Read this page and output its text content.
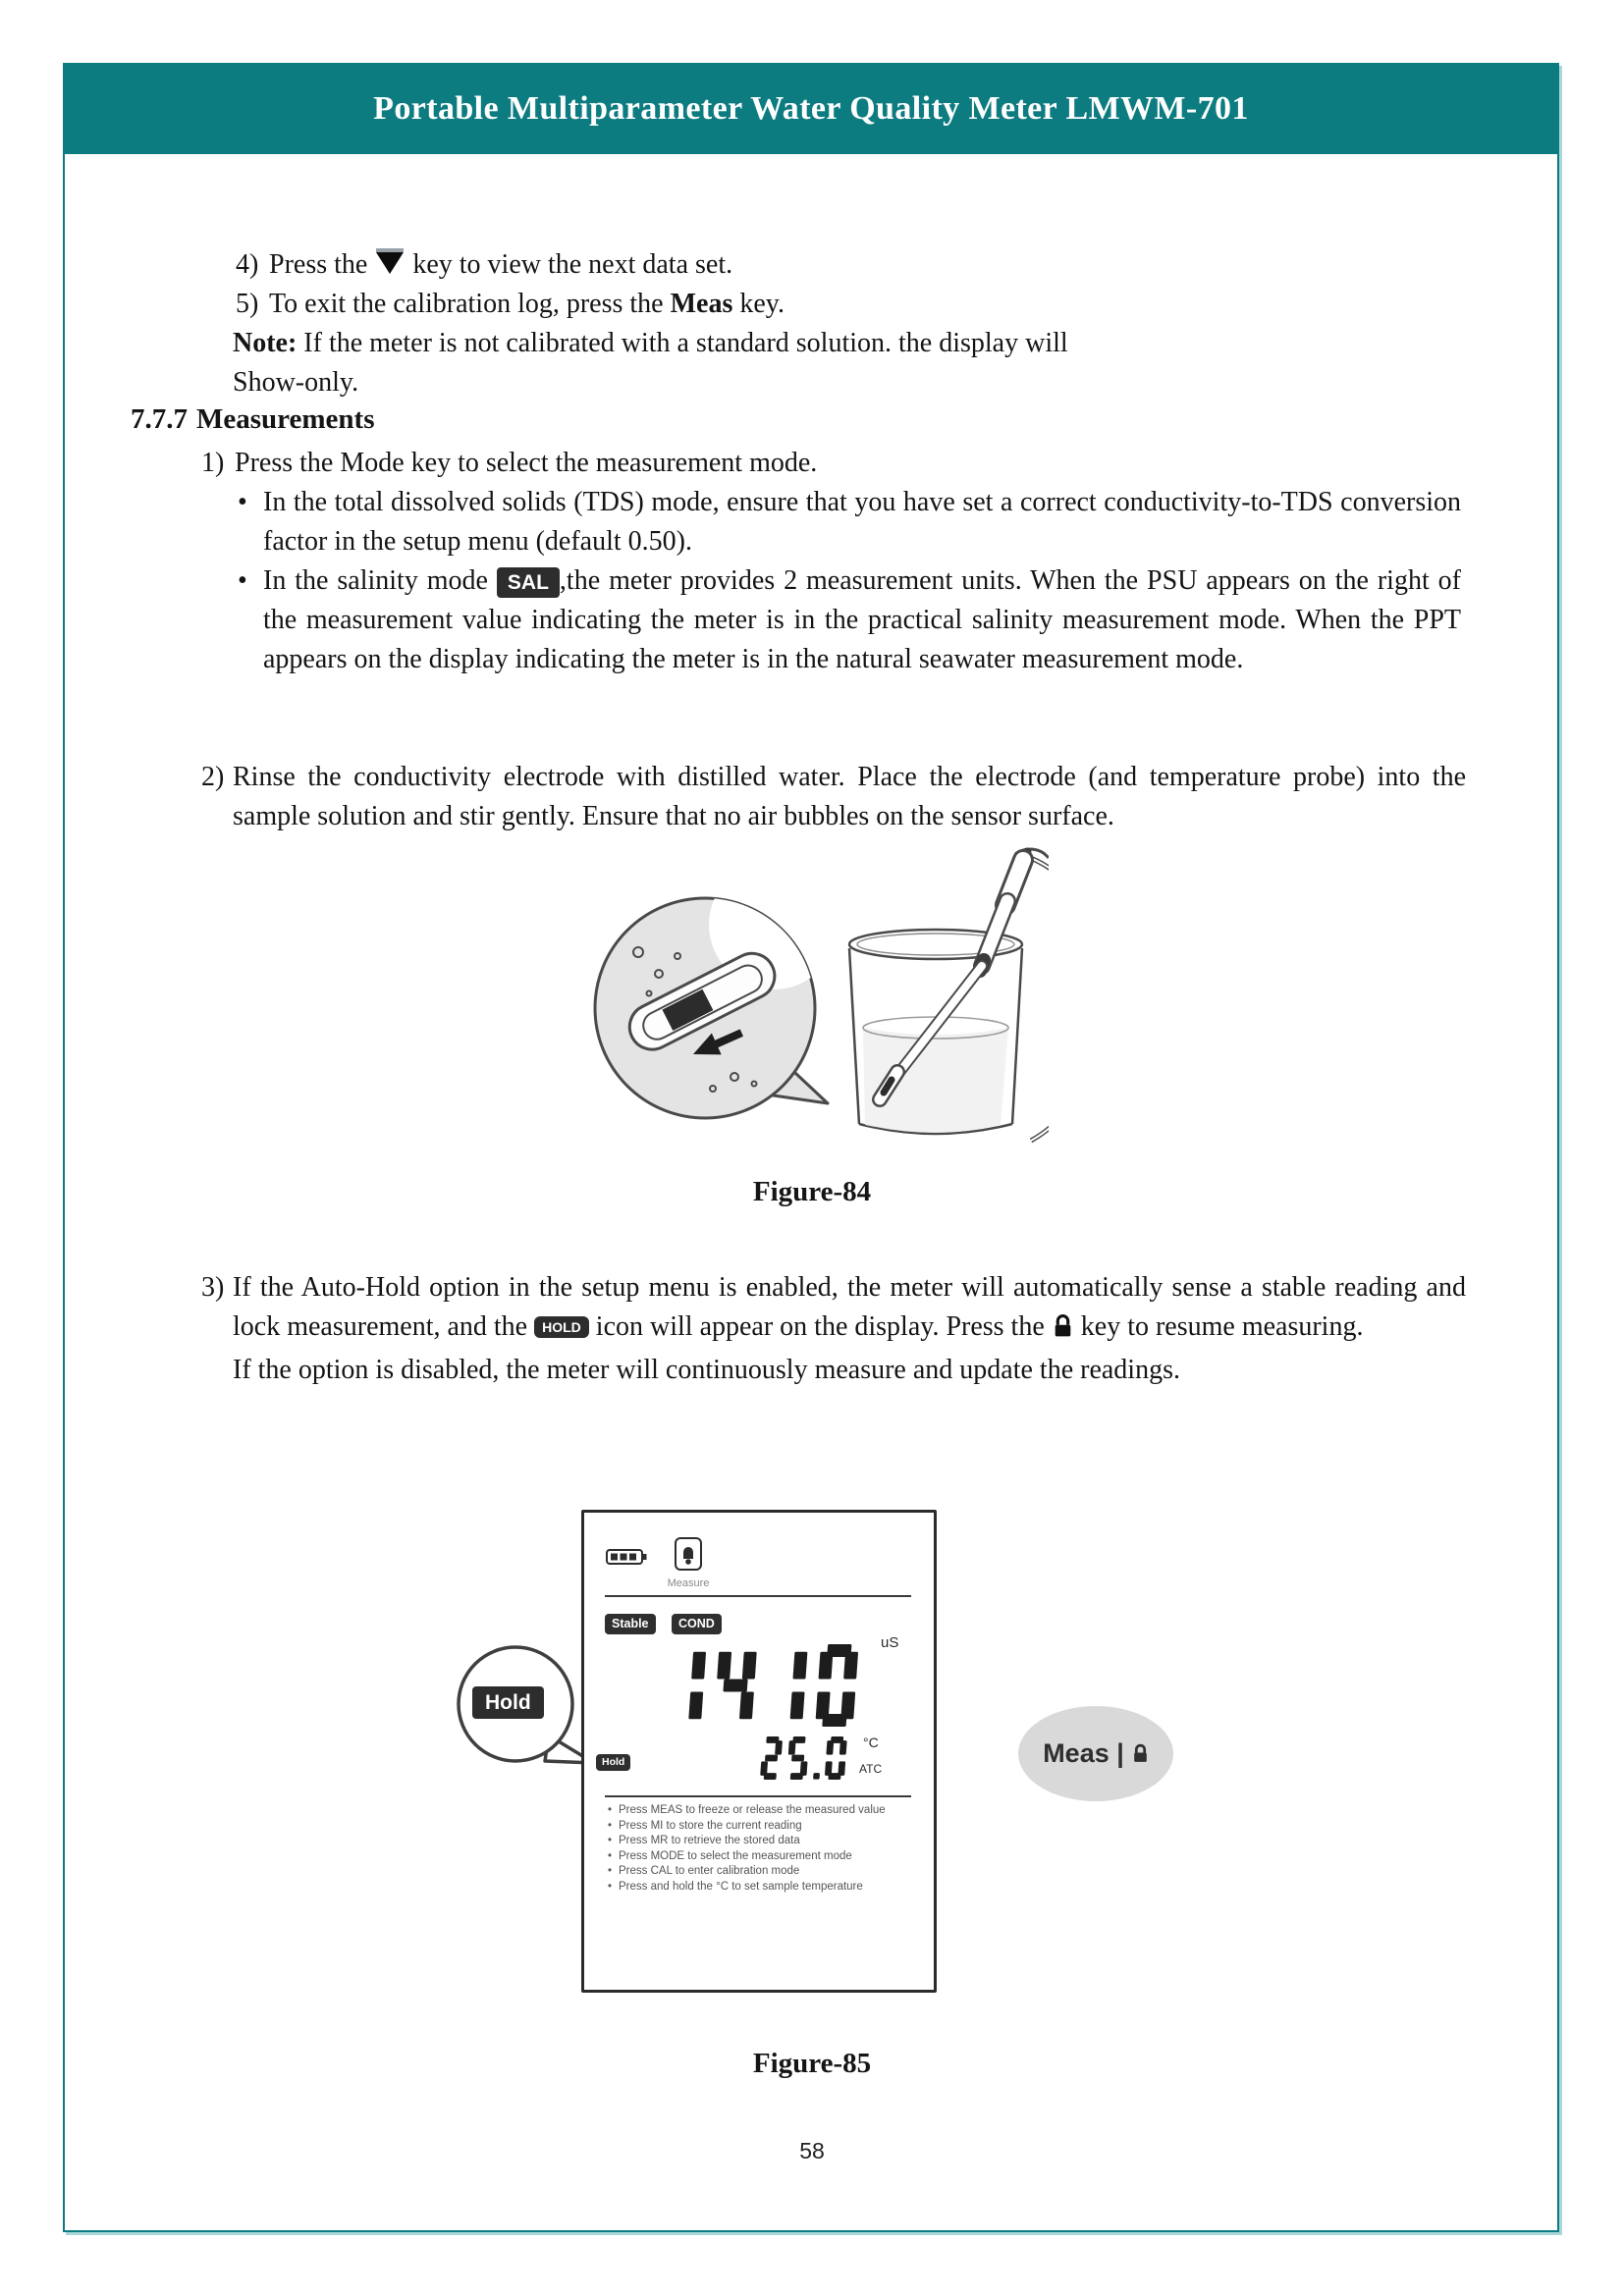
Portable Multiparameter Water Quality Meter LMWM-701
4) Press the key to view the next data set.
5) To exit the calibration log, press the Meas key.
Note: If the meter is not calibrated with a standard solution. the display will
Show-only.
7.7.7 Measurements
1) Press the Mode key to select the measurement mode.
• In the total dissolved solids (TDS) mode, ensure that you have set a correct conductivity-to-TDS conversion factor in the setup menu (default 0.50).
• In the salinity mode SAL ,the meter provides 2 measurement units. When the PSU appears on the right of the measurement value indicating the meter is in the practical salinity measurement mode. When the PPT appears on the display indicating the meter is in the natural seawater measurement mode.
2) Rinse the conductivity electrode with distilled water. Place the electrode (and temperature probe) into the sample solution and stir gently. Ensure that no air bubbles on the sensor surface.
Figure-84
3) If the Auto-Hold option in the setup menu is enabled, the meter will automatically sense a stable reading and lock measurement, and the HOLD icon will appear on the display. Press the key to resume measuring.
If the option is disabled, the meter will continuously measure and update the readings.
Hold
Measure
Stable	COND
uS
Hold
°C
ATC
• Press MEAS to freeze or release the measured value
• Press MI to store the current reading
• Press MR to retrieve the stored data
• Press MODE to select the measurement mode
• Press CAL to enter calibration mode
• Press and hold the °C to set sample temperature
Meas |
Figure-85
58
